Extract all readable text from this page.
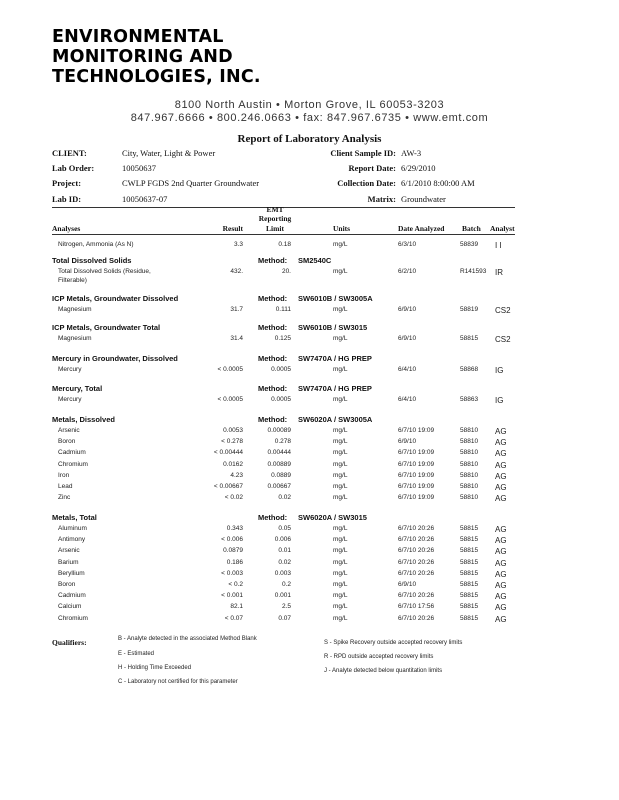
ENVIRONMENTAL
MONITORING AND
TECHNOLOGIES, INC.
8100 North Austin • Morton Grove, IL 60053-3203
847.967.6666 • 800.246.0663 • fax: 847.967.6735 • www.emt.com
Report of Laboratory Analysis
CLIENT:	City, Water, Light & Power
Lab Order:	10050637
Project:	CWLP FGDS 2nd Quarter Groundwater
Lab ID:	10050637-07
Client Sample ID: AW-3
Report Date: 6/29/2010
Collection Date: 6/1/2010 8:00:00 AM
Matrix: Groundwater
Analyses	Result
EMT
Reporting
Limit	Units	Date Analyzed Batch Analyst
Nitrogen, Ammonia (As N)	3.3	0.18	mg/L	6/3/10	58839 I I
Total Dissolved Solids	Method: SM2540C
Total Dissolved Solids (Residue,
Filterable)
432.	20.	mg/L	6/2/10	R141593 IR
ICP Metals, Groundwater Dissolved	Method: SW6010B / SW3005A
Magnesium	31.7	0.111	mg/L	6/9/10	58819 CS2
ICP Metals, Groundwater Total	Method: SW6010B / SW3015
Magnesium	31.4	0.125	mg/L	6/9/10	58815 CS2
Mercury in Groundwater, Dissolved	Method: SW7470A / HG PREP
Mercury	< 0.0005	0.0005	mg/L	6/4/10	58868 IG
Mercury, Total	Method: SW7470A / HG PREP
Mercury	< 0.0005	0.0005	mg/L	6/4/10	58863 IG
Metals, Dissolved	Method: SW6020A / SW3005A
Arsenic	0.0053	0.00089	mg/L	6/7/10 19:09	58810 AG
Boron	< 0.278	0.278	mg/L	6/9/10	58810 AG
Cadmium	< 0.00444	0.00444	mg/L	6/7/10 19:09	58810 AG
Chromium	0.0162	0.00889	mg/L	6/7/10 19:09	58810 AG
Iron	4.23	0.0889	mg/L	6/7/10 19:09	58810 AG
Lead	< 0.00667	0.00667	mg/L	6/7/10 19:09	58810 AG
Zinc	< 0.02	0.02	mg/L	6/7/10 19:09	58810 AG
Metals, Total	Method: SW6020A / SW3015
Aluminum	0.343	0.05	mg/L	6/7/10 20:26	58815 AG
Antimony	< 0.006	0.006	mg/L	6/7/10 20:26	58815 AG
Arsenic	0.0879	0.01	mg/L	6/7/10 20:26	58815 AG
Barium	0.186	0.02	mg/L	6/7/10 20:26	58815 AG
Beryllium	< 0.003	0.003	mg/L	6/7/10 20:26	58815 AG
Boron	< 0.2	0.2	mg/L	6/9/10	58815 AG
Cadmium	< 0.001	0.001	mg/L	6/7/10 20:26	58815 AG
Calcium	82.1	2.5	mg/L	6/7/10 17:56	58815 AG
Chromium	< 0.07	0.07	mg/L	6/7/10 20:26	58815 AG
Qualifiers:	B - Analyte detected in the associated Method Blank
E - Estimated
H - Holding Time Exceeded
C - Laboratory not certified for this parameter
S - Spike Recovery outside accepted recovery limits
R - RPD outside accepted recovery limits
J - Analyte detected below quantitation limits
